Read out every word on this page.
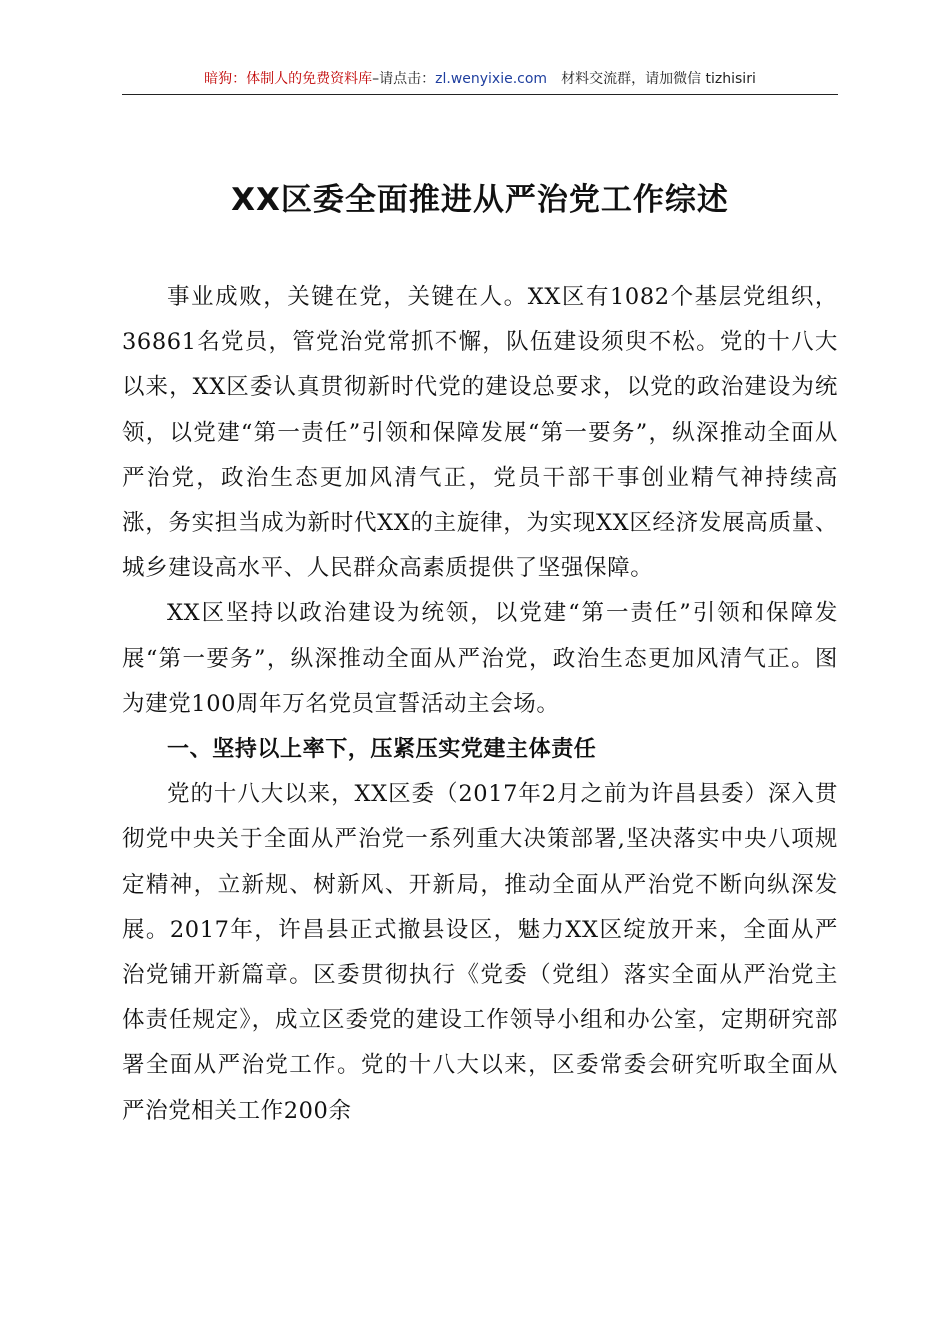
暗狗：体制人的免费资料库–请点击：zl.wenyixie.com 材料交流群，请加微信 tizhisiri
XX区委全面推进从严治党工作综述

事业成败，关键在党，关键在人。XX区有1082个基层党组织，36861名党员，管党治党常抓不懈，队伍建设须臾不松。党的十八大以来，XX区委认真贯彻新时代党的建设总要求，以党的政治建设为统领，以党建“第一责任”引领和保障发展“第一要务”，纵深推动全面从严治党，政治生态更加风清气正，党员干部干事创业精气神持续高涨，务实担当成为新时代XX的主旋律，为实现XX区经济发展高质量、城乡建设高水平、人民群众高素质提供了坚强保障。

XX区坚持以政治建设为统领，以党建“第一责任”引领和保障发展“第一要务”，纵深推动全面从严治党，政治生态更加风清气正。图为建党100周年万名党员宣誓活动主会场。

一、坚持以上率下，压紧压实党建主体责任

党的十八大以来，XX区委（2017年2月之前为许昌县委）深入贯彻党中央关于全面从严治党一系列重大决策部署,坚决落实中央八项规定精神，立新规、树新风、开新局，推动全面从严治党不断向纵深发展。2017年，许昌县正式撤县设区，魅力XX区绽放开来，全面从严治党铺开新篇章。区委贯彻执行《党委（党组）落实全面从严治党主体责任规定》，成立区委党的建设工作领导小组和办公室，定期研究部署全面从严治党工作。党的十八大以来，区委常委会研究听取全面从严治党相关工作200余
